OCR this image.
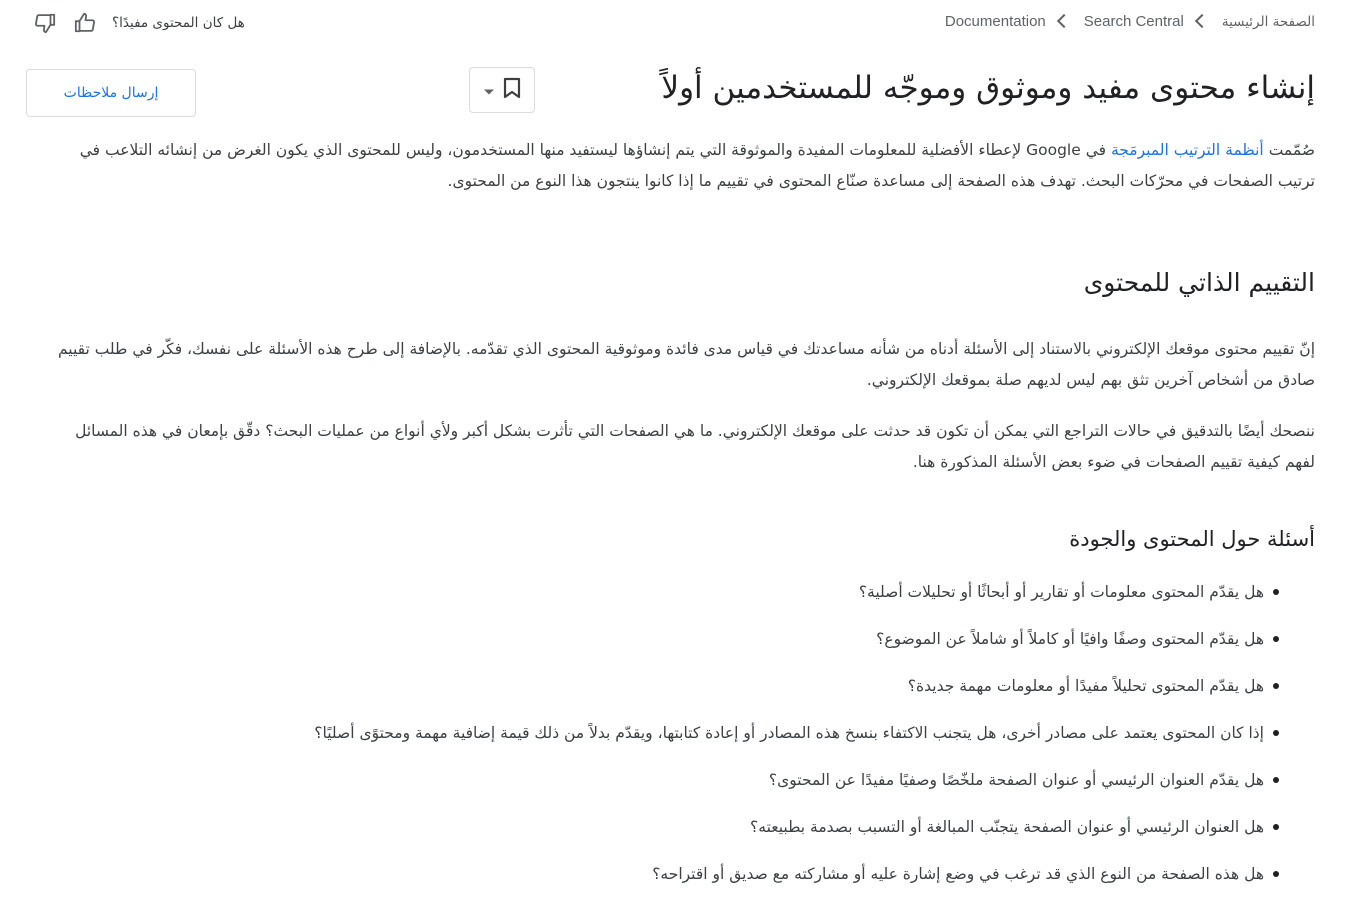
الصفحة الرئيسية
Search Central
Documentation
هل كان المحتوى مفيدًا؟
إنشاء محتوى مفيد وموثوق وموجّه للمستخدمين أولاً
إرسال ملاحظات

صُمّمت أنظمة الترتيب المبرمَجة في Google لإعطاء الأفضلية للمعلومات المفيدة والموثوقة التي يتم إنشاؤها ليستفيد منها المستخدمون، وليس للمحتوى الذي يكون الغرض من إنشائه التلاعب في ترتيب الصفحات في محرّكات البحث. تهدف هذه الصفحة إلى مساعدة صنّاع المحتوى في تقييم ما إذا كانوا ينتجون هذا النوع من المحتوى.

التقييم الذاتي للمحتوى

إنّ تقييم محتوى موقعك الإلكتروني بالاستناد إلى الأسئلة أدناه من شأنه مساعدتك في قياس مدى فائدة وموثوقية المحتوى الذي تقدّمه. بالإضافة إلى طرح هذه الأسئلة على نفسك، فكّر في طلب تقييم صادق من أشخاص آخرين تثق بهم ليس لديهم صلة بموقعك الإلكتروني.

ننصحك أيضًا بالتدقيق في حالات التراجع التي يمكن أن تكون قد حدثت على موقعك الإلكتروني. ما هي الصفحات التي تأثرت بشكل أكبر ولأي أنواع من عمليات البحث؟ دقّق بإمعان في هذه المسائل لفهم كيفية تقييم الصفحات في ضوء بعض الأسئلة المذكورة هنا.

أسئلة حول المحتوى والجودة
هل يقدّم المحتوى معلومات أو تقارير أو أبحاثًا أو تحليلات أصلية؟
هل يقدّم المحتوى وصفًا وافيًا أو كاملاً أو شاملاً عن الموضوع؟
هل يقدّم المحتوى تحليلاً مفيدًا أو معلومات مهمة جديدة؟
إذا كان المحتوى يعتمد على مصادر أخرى، هل يتجنب الاكتفاء بنسخ هذه المصادر أو إعادة كتابتها، ويقدّم بدلاً من ذلك قيمة إضافية مهمة ومحتوًى أصليًا؟
هل يقدّم العنوان الرئيسي أو عنوان الصفحة ملخّصًا وصفيًا مفيدًا عن المحتوى؟
هل العنوان الرئيسي أو عنوان الصفحة يتجنّب المبالغة أو التسبب بصدمة بطبيعته؟
هل هذه الصفحة من النوع الذي قد ترغب في وضع إشارة عليه أو مشاركته مع صديق أو اقتراحه؟
